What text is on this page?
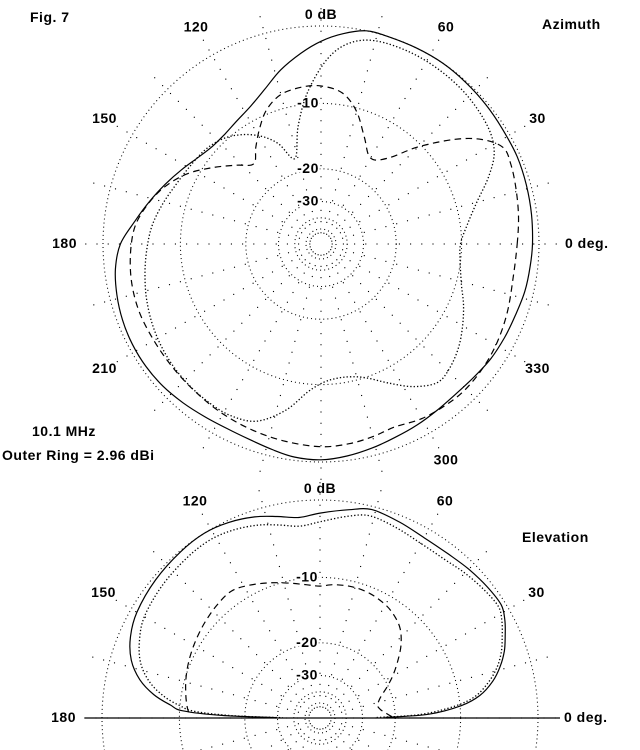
-10
-20
-30
0 dB
60
30
0 deg.
330
300
120
150
180
210
-10
-20
-30
0 dB
60
30
0 deg.
120
150
180
Fig. 7	Azimuth
Elevation
10.1 MHz
Outer Ring = 2.96 dBi
